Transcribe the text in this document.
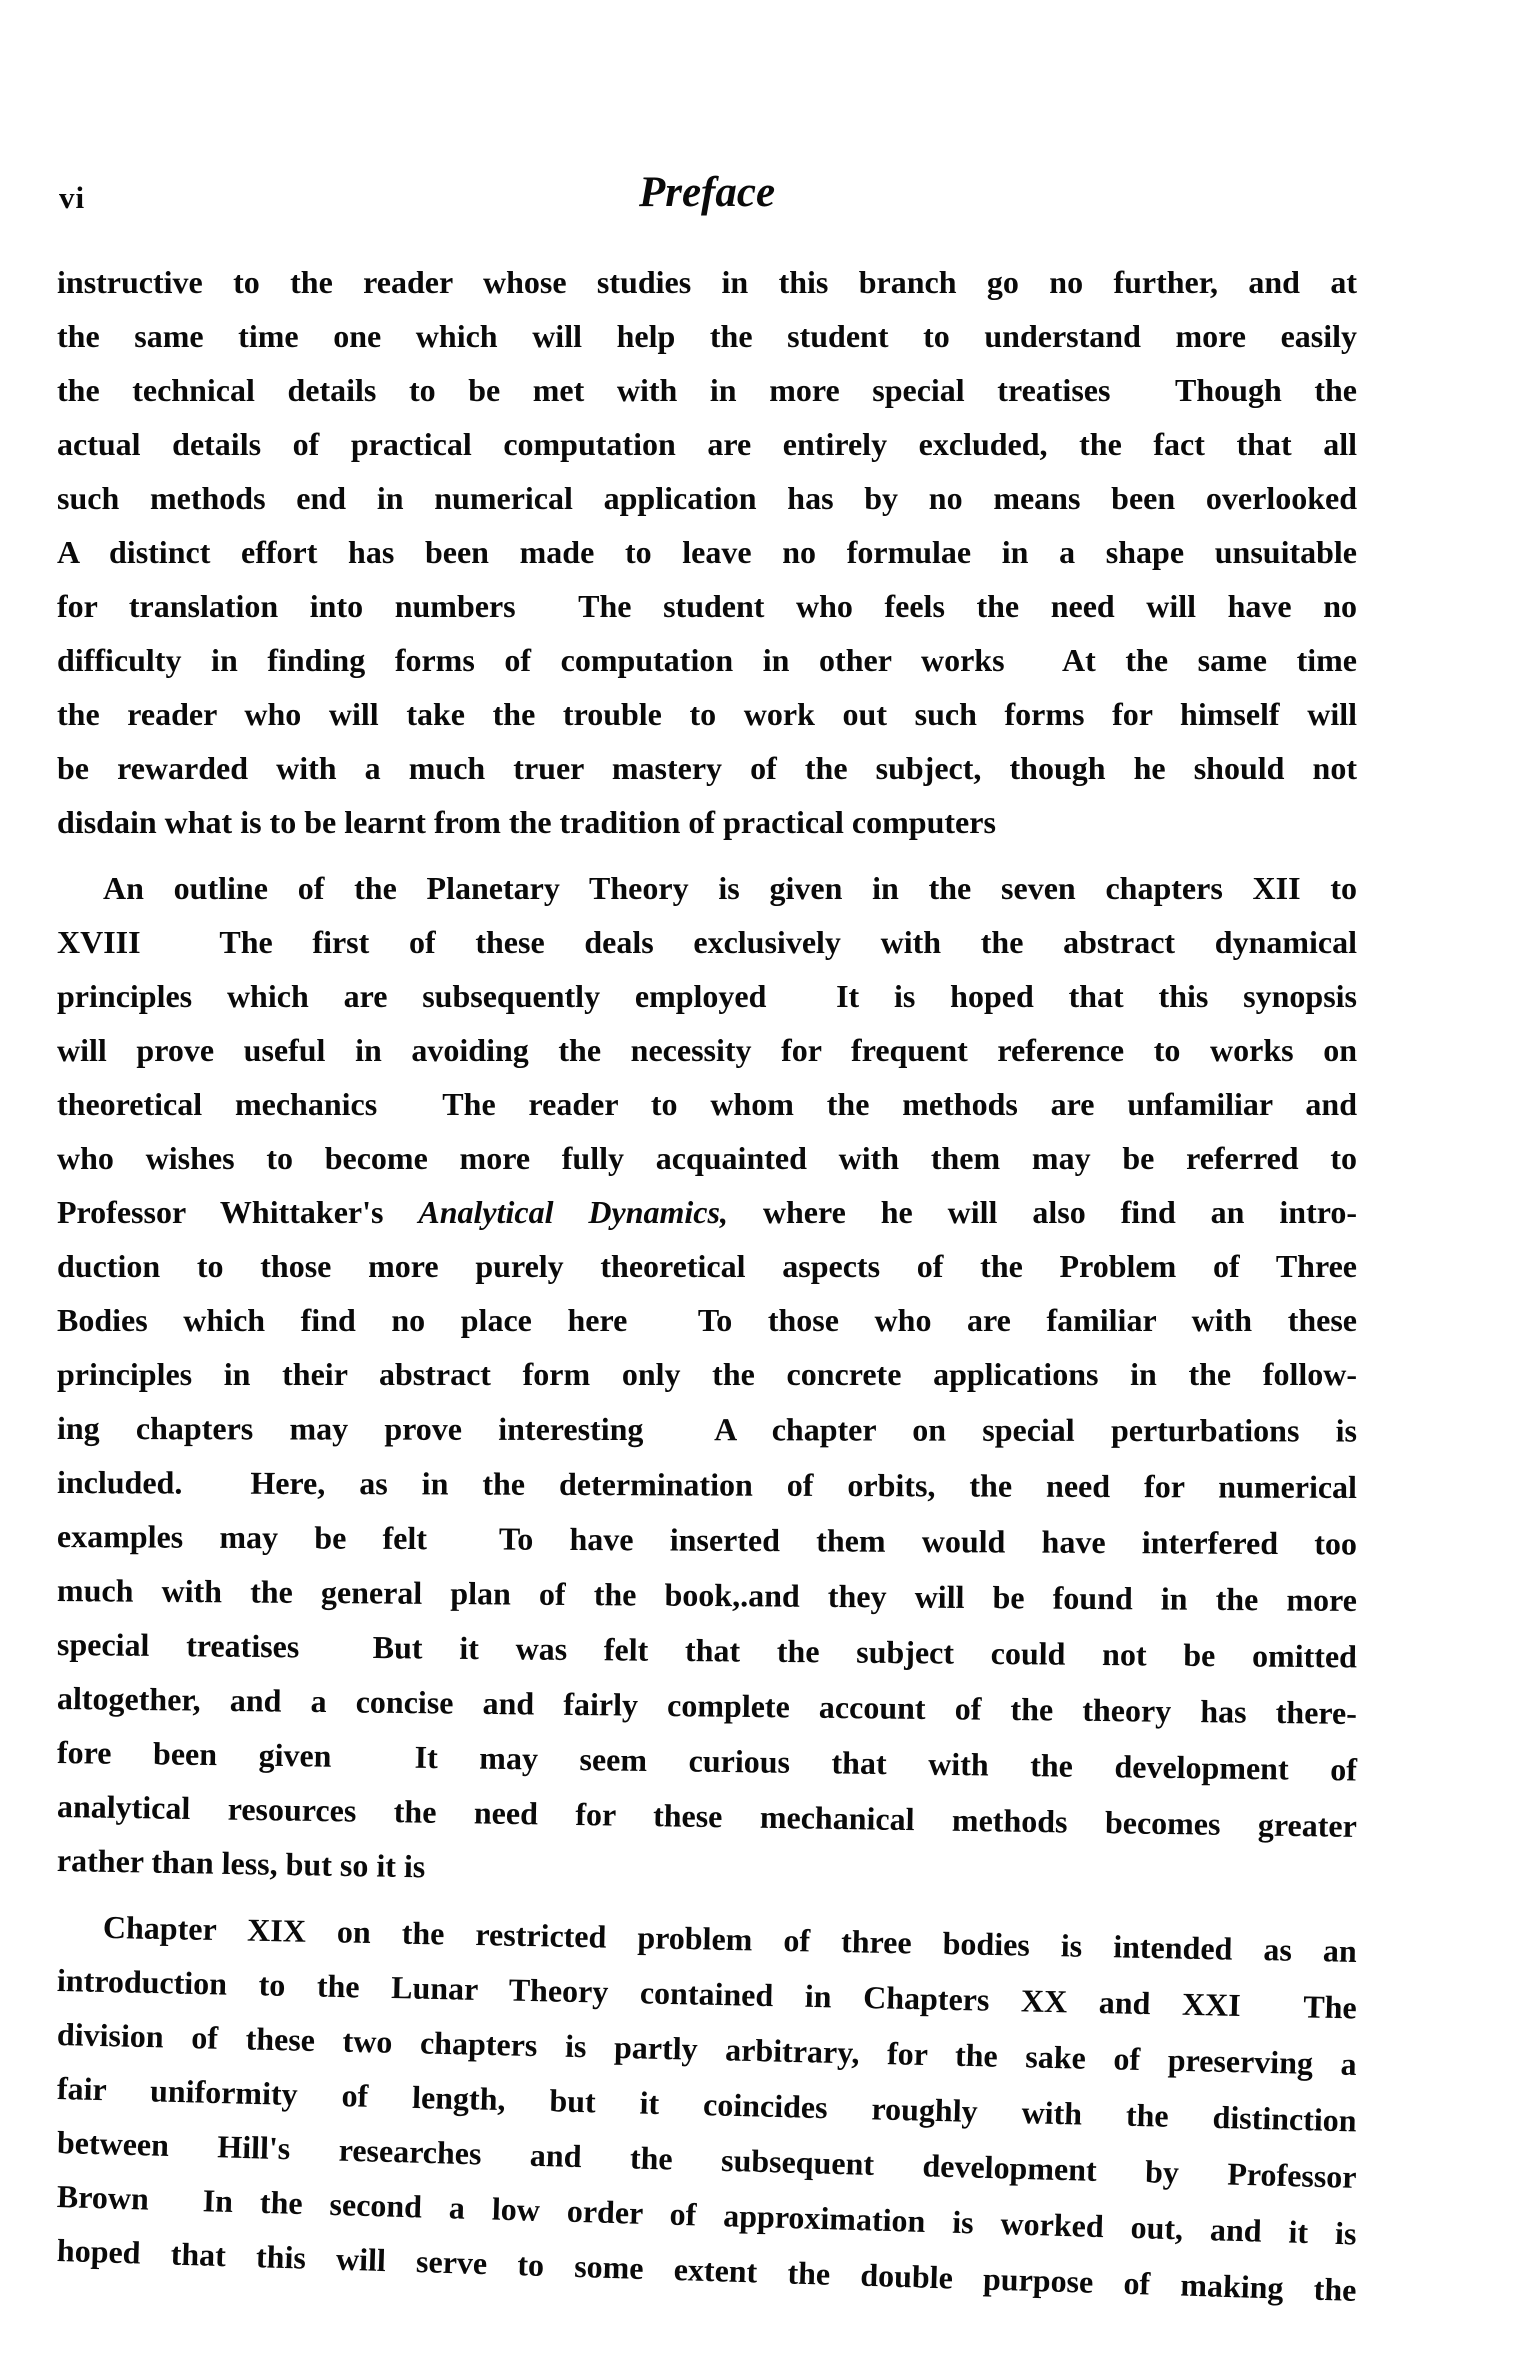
vi	Preface
instructive to the reader whose studies in this branch go no further, and at
the same time one which will help the student to understand more easily
the technical details to be met with in more special treatises  Though the
actual details of practical computation are entirely excluded, the fact that all
such methods end in numerical application has by no means been overlooked
A distinct effort has been made to leave no formulae in a shape unsuitable
for translation into numbers  The student who feels the need will have no
difficulty in finding forms of computation in other works  At the same time
the reader who will take the trouble to work out such forms for himself will
be rewarded with a much truer mastery of the subject, though he should not
disdain what is to be learnt from the tradition of practical computers
An outline of the Planetary Theory is given in the seven chapters XII to
XVIII  The first of these deals exclusively with the abstract dynamical
principles which are subsequently employed  It is hoped that this synopsis
will prove useful in avoiding the necessity for frequent reference to works on
theoretical mechanics  The reader to whom the methods are unfamiliar and
who wishes to become more fully acquainted with them may be referred to
Professor Whittaker's Analytical Dynamics, where he will also find an intro-
duction to those more purely theoretical aspects of the Problem of Three
Bodies which find no place here  To those who are familiar with these
principles in their abstract form only the concrete applications in the follow-
ing chapters may prove interesting  A chapter on special perturbations is
included.  Here, as in the determination of orbits, the need for numerical
examples may be felt  To have inserted them would have interfered too
much with the general plan of the book,.and they will be found in the more
special treatises  But it was felt that the subject could not be omitted
altogether, and a concise and fairly complete account of the theory has there-
fore been given  It may seem curious that with the development of
analytical resources the need for these mechanical methods becomes greater
rather than less, but so it is
Chapter XIX on the restricted problem of three bodies is intended as an
introduction to the Lunar Theory contained in Chapters XX and XXI  The
division of these two chapters is partly arbitrary, for the sake of preserving a
fair uniformity of length, but it coincides roughly with the distinction
between Hill's researches and the subsequent development by Professor
Brown  In the second a low order of approximation is worked out, and it is
hoped that this will serve to some extent the double purpose of making the
